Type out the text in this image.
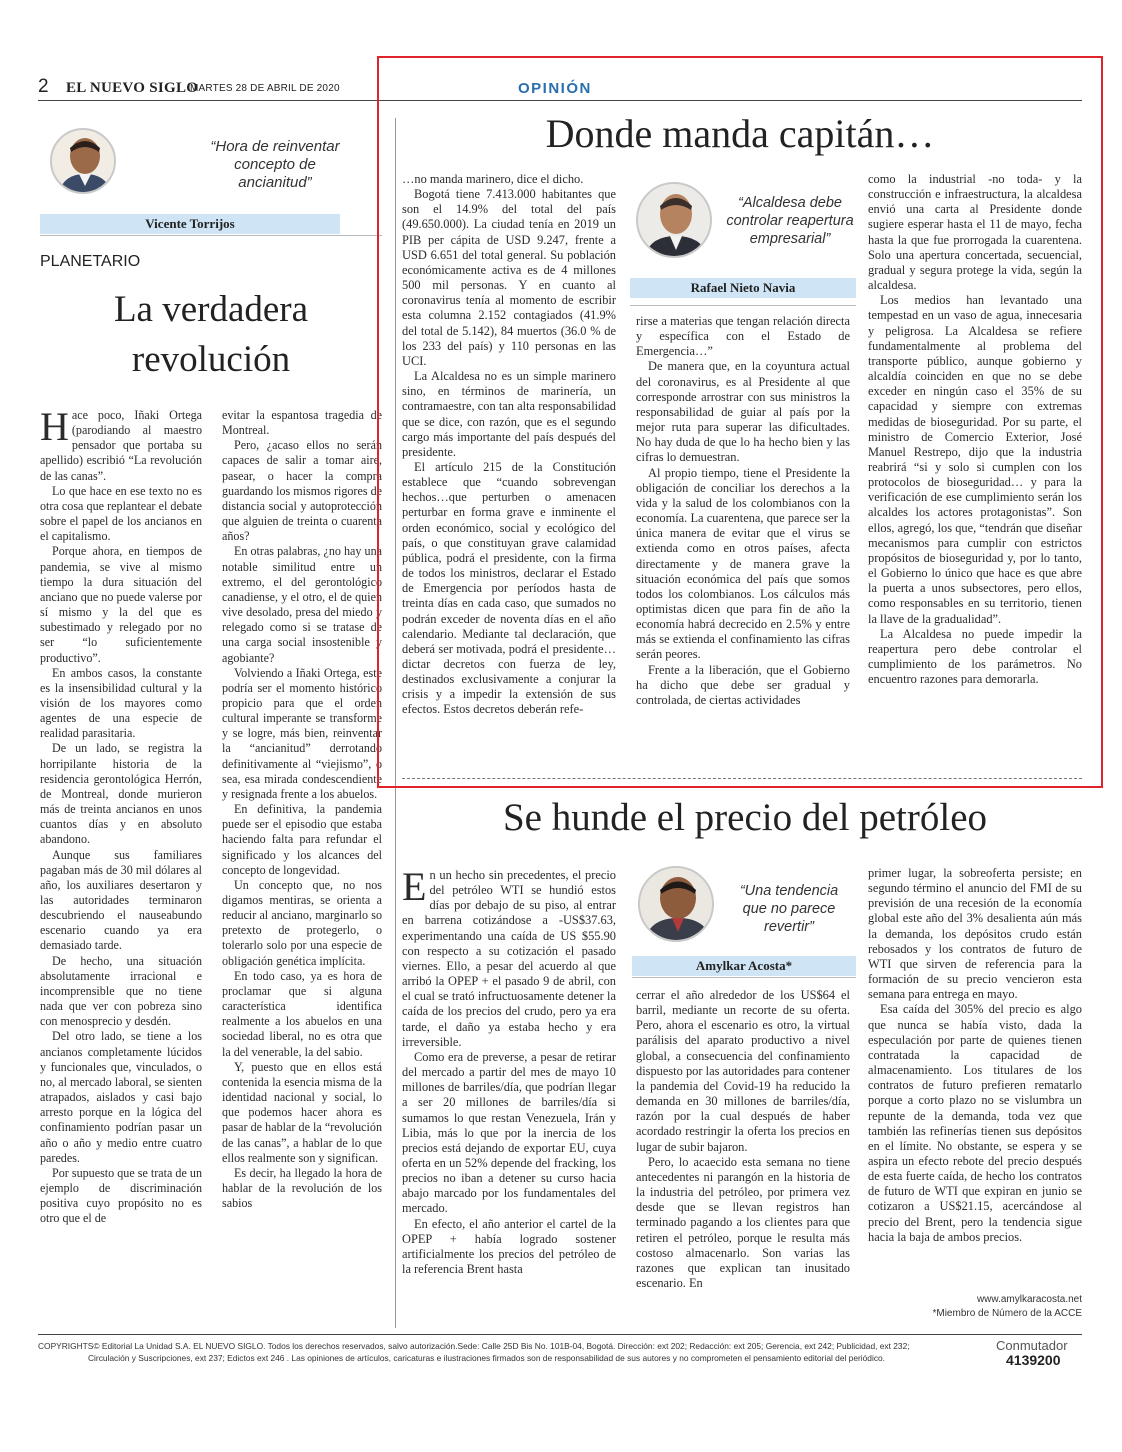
2 EL NUEVO SIGLO
MARTES 28 DE ABRIL DE 2020	OPINIÓN
“Hora de reinventar concepto de ancianitud”
Vicente Torrijos
PLANETARIO
La verdadera
revolución

Hace poco, Iñaki Ortega (parodiando al maestro pensador que portaba su apellido) escribió “La revolución de las canas”.

Lo que hace en ese texto no es otra cosa que replantear el debate sobre el papel de los ancianos en el capitalismo.

Porque ahora, en tiempos de pandemia, se vive al mismo tiempo la dura situación del anciano que no puede valerse por sí mismo y la del que es subestimado y relegado por no ser “lo suficientemente productivo”.

En ambos casos, la constante es la insensibilidad cultural y la visión de los mayores como agentes de una especie de realidad parasitaria.

De un lado, se registra la horripilante historia de la residencia gerontológica Herrón, de Montreal, donde murieron más de treinta ancianos en unos cuantos días y en absoluto abandono.

Aunque sus familiares pagaban más de 30 mil dólares al año, los auxiliares desertaron y las autoridades terminaron descubriendo el nauseabundo escenario cuando ya era demasiado tarde.

De hecho, una situación absolutamente irracional e incomprensible que no tiene nada que ver con pobreza sino con menosprecio y desdén.

Del otro lado, se tiene a los ancianos completamente lúcidos y funcionales que, vinculados, o no, al mercado laboral, se sienten atrapados, aislados y casi bajo arresto porque en la lógica del confinamiento podrían pasar un año o año y medio entre cuatro paredes.

Por supuesto que se trata de un ejemplo de discriminación positiva cuyo propósito no es otro que el de

evitar la espantosa tragedia de Montreal.

Pero, ¿acaso ellos no serán capaces de salir a tomar aire, pasear, o hacer la compra guardando los mismos rigores de distancia social y autoprotección que alguien de treinta o cuarenta años?

En otras palabras, ¿no hay una notable similitud entre un extremo, el del gerontológico canadiense, y el otro, el de quien vive desolado, presa del miedo y relegado como si se tratase de una carga social insostenible y agobiante?

Volviendo a Iñaki Ortega, este podría ser el momento histórico propicio para que el orden cultural imperante se transforme y se logre, más bien, reinventar la “ancianitud” derrotando definitivamente al “viejismo”, o sea, esa mirada condescendiente y resignada frente a los abuelos.

En definitiva, la pandemia puede ser el episodio que estaba haciendo falta para refundar el significado y los alcances del concepto de longevidad.

Un concepto que, no nos digamos mentiras, se orienta a reducir al anciano, marginarlo so pretexto de protegerlo, o tolerarlo solo por una especie de obligación genética implícita.

En todo caso, ya es hora de proclamar que si alguna característica identifica realmente a los abuelos en una sociedad liberal, no es otra que la del venerable, la del sabio.

Y, puesto que en ellos está contenida la esencia misma de la identidad nacional y social, lo que podemos hacer ahora es pasar de hablar de la “revolución de las canas”, a hablar de lo que ellos realmente son y significan.

Es decir, ha llegado la hora de hablar de la revolución de los sabios

Donde manda capitán…

…no manda marinero, dice el dicho.

Bogotá tiene 7.413.000 habitantes que son el 14.9% del total del país (49.650.000). La ciudad tenía en 2019 un PIB per cápita de USD 9.247, frente a USD 6.651 del total general. Su población económicamente activa es de 4 millones 500 mil personas. Y en cuanto al coronavirus tenía al momento de escribir esta columna 2.152 contagiados (41.9% del total de 5.142), 84 muertos (36.0 % de los 233 del país) y 110 personas en las UCI.

La Alcaldesa no es un simple marinero sino, en términos de marinería, un contramaestre, con tan alta responsabilidad que se dice, con razón, que es el segundo cargo más importante del país después del presidente.

El artículo 215 de la Constitución establece que “cuando sobrevengan hechos…que perturben o amenacen perturbar en forma grave e inminente el orden económico, social y ecológico del país, o que constituyan grave calamidad pública, podrá el presidente, con la firma de todos los ministros, declarar el Estado de Emergencia por períodos hasta de treinta días en cada caso, que sumados no podrán exceder de noventa días en el año calendario. Mediante tal declaración, que deberá ser motivada, podrá el presidente… dictar decretos con fuerza de ley, destinados exclusivamente a conjurar la crisis y a impedir la extensión de sus efectos. Estos decretos deberán refe-

“Alcaldesa debe controlar reapertura empresarial”
Rafael Nieto Navia

rirse a materias que tengan relación directa y específica con el Estado de Emergencia…”

De manera que, en la coyuntura actual del coronavirus, es al Presidente al que corresponde arrostrar con sus ministros la responsabilidad de guiar al país por la mejor ruta para superar las dificultades. No hay duda de que lo ha hecho bien y las cifras lo demuestran.

Al propio tiempo, tiene el Presidente la obligación de conciliar los derechos a la vida y la salud de los colombianos con la economía. La cuarentena, que parece ser la única manera de evitar que el virus se extienda como en otros países, afecta directamente y de manera grave la situación económica del país que somos todos los colombianos. Los cálculos más optimistas dicen que para fin de año la economía habrá decrecido en 2.5% y entre más se extienda el confinamiento las cifras serán peores.

Frente a la liberación, que el Gobierno ha dicho que debe ser gradual y controlada, de ciertas actividades

como la industrial -no toda- y la construcción e infraestructura, la alcaldesa envió una carta al Presidente donde sugiere esperar hasta el 11 de mayo, fecha hasta la que fue prorrogada la cuarentena. Solo una apertura concertada, secuencial, gradual y segura protege la vida, según la alcaldesa.

Los medios han levantado una tempestad en un vaso de agua, innecesaria y peligrosa. La Alcaldesa se refiere fundamentalmente al problema del transporte público, aunque gobierno y alcaldía coinciden en que no se debe exceder en ningún caso el 35% de su capacidad y siempre con extremas medidas de bioseguridad. Por su parte, el ministro de Comercio Exterior, José Manuel Restrepo, dijo que la industria reabrirá “si y solo si cumplen con los protocolos de bioseguridad… y para la verificación de ese cumplimiento serán los alcaldes los actores protagonistas”. Son ellos, agregó, los que, “tendrán que diseñar mecanismos para cumplir con estrictos propósitos de bioseguridad y, por lo tanto, el Gobierno lo único que hace es que abre la puerta a unos subsectores, pero ellos, como responsables en su territorio, tienen la llave de la gradualidad”.

La Alcaldesa no puede impedir la reapertura pero debe controlar el cumplimiento de los parámetros. No encuentro razones para demorarla.

Se hunde el precio del petróleo

En un hecho sin precedentes, el precio del petróleo WTI se hundió estos días por debajo de su piso, al entrar en barrena cotizándose a -US$37.63, experimentando una caída de US $55.90 con respecto a su cotización el pasado viernes. Ello, a pesar del acuerdo al que arribó la OPEP + el pasado 9 de abril, con el cual se trató infructuosamente detener la caída de los precios del crudo, pero ya era tarde, el daño ya estaba hecho y era irreversible.

Como era de preverse, a pesar de retirar del mercado a partir del mes de mayo 10 millones de barriles/día, que podrían llegar a ser 20 millones de barriles/día si sumamos lo que restan Venezuela, Irán y Libia, más lo que por la inercia de los precios está dejando de exportar EU, cuya oferta en un 52% depende del fracking, los precios no iban a detener su curso hacia abajo marcado por los fundamentales del mercado.

En efecto, el año anterior el cartel de la OPEP + había logrado sostener artificialmente los precios del petróleo de la referencia Brent hasta

“Una tendencia que no parece revertir”
Amylkar Acosta*

cerrar el año alrededor de los US$64 el barril, mediante un recorte de su oferta. Pero, ahora el escenario es otro, la virtual parálisis del aparato productivo a nivel global, a consecuencia del confinamiento dispuesto por las autoridades para contener la pandemia del Covid-19 ha reducido la demanda en 30 millones de barriles/día, razón por la cual después de haber acordado restringir la oferta los precios en lugar de subir bajaron.

Pero, lo acaecido esta semana no tiene antecedentes ni parangón en la historia de la industria del petróleo, por primera vez desde que se llevan registros han terminado pagando a los clientes para que retiren el petróleo, porque le resulta más costoso almacenarlo. Son varias las razones que explican tan inusitado escenario. En

primer lugar, la sobreoferta persiste; en segundo término el anuncio del FMI de su previsión de una recesión de la economía global este año del 3% desalienta aún más la demanda, los depósitos crudo están rebosados y los contratos de futuro de WTI que sirven de referencia para la formación de su precio vencieron esta semana para entrega en mayo.

Esa caída del 305% del precio es algo que nunca se había visto, dada la especulación por parte de quienes tienen contratada la capacidad de almacenamiento. Los titulares de los contratos de futuro prefieren rematarlo porque a corto plazo no se vislumbra un repunte de la demanda, toda vez que también las refinerías tienen sus depósitos en el límite. No obstante, se espera y se aspira un efecto rebote del precio después de esta fuerte caída, de hecho los contratos de futuro de WTI que expiran en junio se cotizaron a US$21.15, acercándose al precio del Brent, pero la tendencia sigue hacia la baja de ambos precios.

www.amylkaracosta.net
*Miembro de Número de la ACCE
COPYRIGHTS© Editorial La Unidad S.A. EL NUEVO SIGLO. Todos los derechos reservados, salvo autorización.Sede: Calle 25D Bis No. 101B-04, Bogotá. Dirección: ext 202; Redacción: ext 205; Gerencia, ext 242; Publicidad, ext 232;
Circulación y Suscripciones, ext 237; Edictos ext 246 . Las opiniones de artículos, caricaturas e ilustraciones firmados son de responsabilidad de sus autores y no comprometen el pensamiento editorial del periódico.
Conmutador
4139200
